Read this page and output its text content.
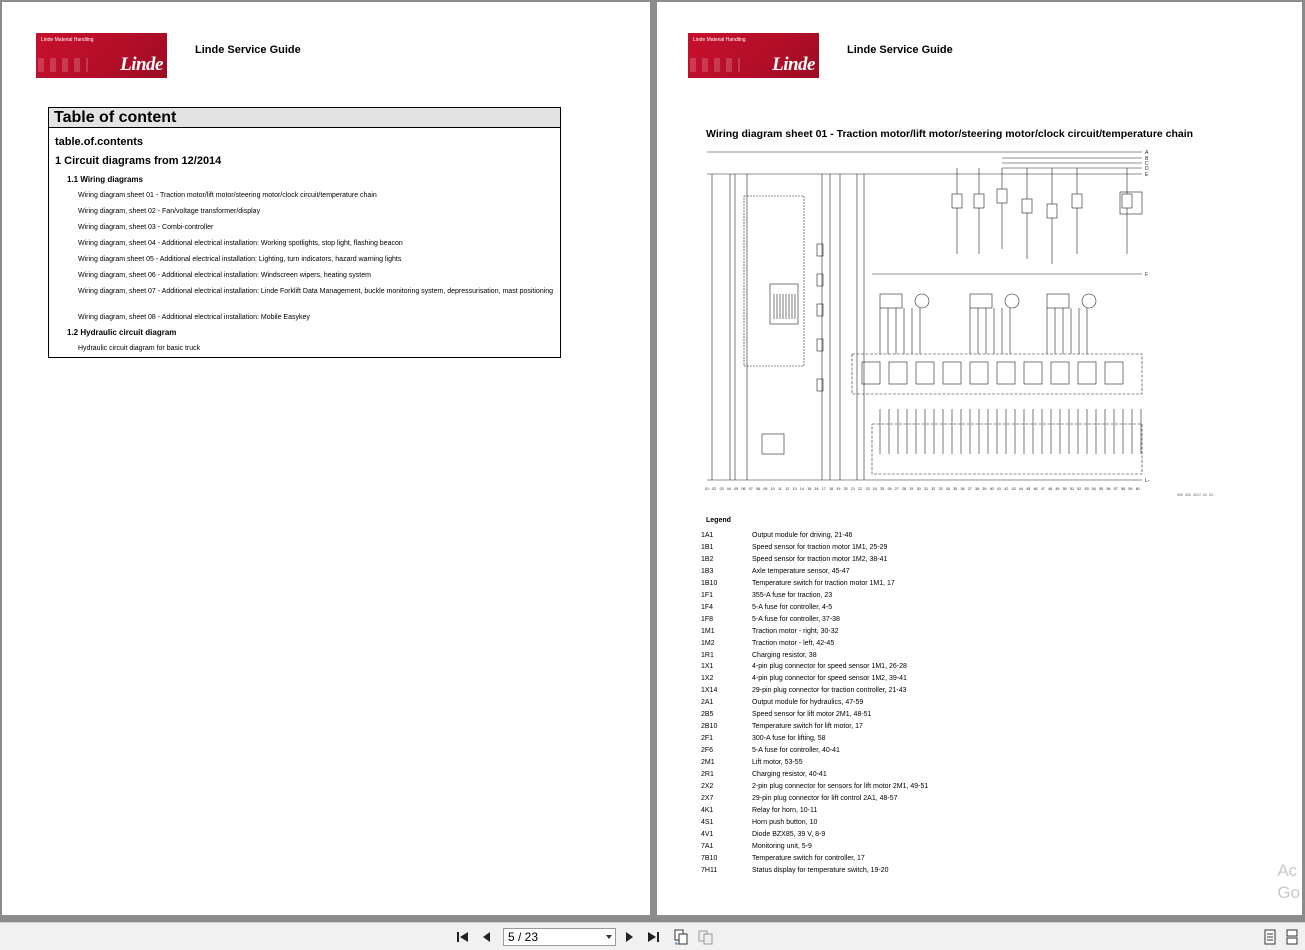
Linde Material Handling
Linde
Linde Service Guide
Table of content
table.of.contents
1 Circuit diagrams from 12/2014
1.1 Wiring diagrams
Wiring diagram sheet 01 - Traction motor/lift motor/steering motor/clock circuit/temperature chain
Wiring diagram, sheet 02 - Fan/voltage transformer/display
Wiring diagram, sheet 03 - Combi-controller
Wiring diagram, sheet 04 - Additional electrical installation: Working spotlights, stop light, flashing beacon
Wiring diagram sheet 05 - Additional electrical installation: Lighting, turn indicators, hazard warning lights
Wiring diagram, sheet 06 - Additional electrical installation: Windscreen wipers, heating system
Wiring diagram, sheet 07 - Additional electrical installation: Linde Forklift Data Management, buckle monitoring system, depressurisation, mast positioning
Wiring diagram, sheet 08 - Additional electrical installation: Mobile Easykey
1.2 Hydraulic circuit diagram
Hydraulic circuit diagram for basic truck
Linde Material Handling
Linde
Linde Service Guide
Wiring diagram sheet 01 - Traction motor/lift motor/steering motor/clock circuit/temperature chain
A
B
C
D
E
F
L-
01 02 03 04 05 06 07 08 09 10 11 12 13 14 15 16 17 18 19 20 21 22 23 24 25 26 27 28 29 30 31 32 33 34 35 36 37 38 39 40 41 42 43 44 45 46 47 48 49 50 51 52 53 54 55 56 57 58 59 60
000_002_0017_01_01
Legend
1A1	Output module for driving, 21-46
1B1	Speed sensor for traction motor 1M1, 25-29
1B2	Speed sensor for traction motor 1M2, 38-41
1B3	Axle temperature sensor, 45-47
1B10	Temperature switch for traction motor 1M1, 17
1F1	355-A fuse for traction, 23
1F4	5-A fuse for controller, 4-5
1F8	5-A fuse for controller, 37-38
1M1	Traction motor - right, 30-32
1M2	Traction motor - left, 42-45
1R1	Charging resistor, 38
1X1	4-pin plug connector for speed sensor 1M1, 26-28
1X2	4-pin plug connector for speed sensor 1M2, 39-41
1X14	29-pin plug connector for traction controller, 21-43
2A1	Output module for hydraulics, 47-59
2B5	Speed sensor for lift motor 2M1, 48-51
2B10	Temperature switch for lift motor, 17
2F1	300-A fuse for lifting, 58
2F6	5-A fuse for controller, 40-41
2M1	Lift motor, 53-55
2R1	Charging resistor, 40-41
2X2	2-pin plug connector for sensors for lift motor 2M1, 49-51
2X7	29-pin plug connector for lift control 2A1, 48-57
4K1	Relay for horn, 10-11
4S1	Horn push button, 10
4V1	Diode BZX85, 39 V, 8-9
7A1	Monitoring unit, 5-9
7B10	Temperature switch for controller, 17
7H11	Status display for temperature switch, 19-20	Ac
Go
5 / 23
